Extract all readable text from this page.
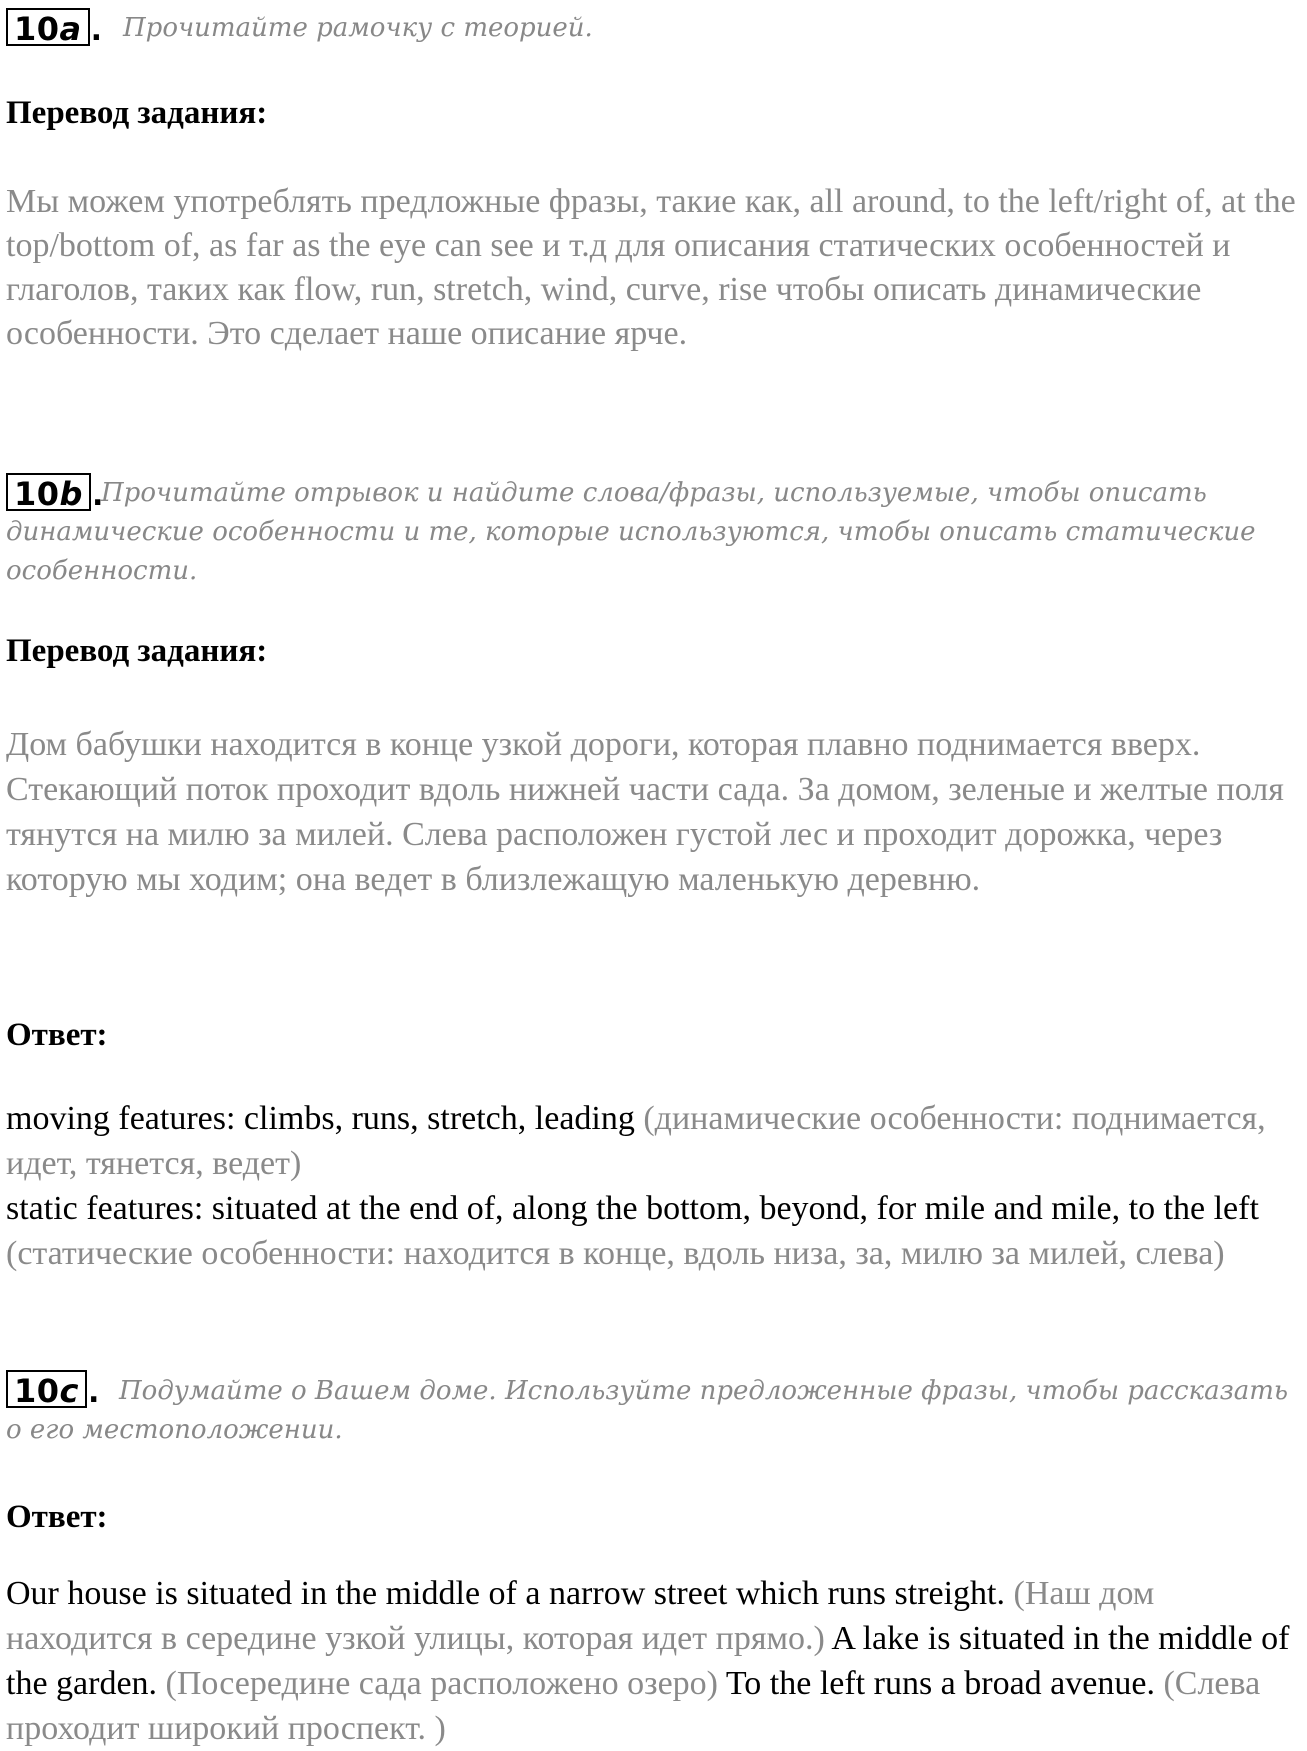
10a . Прочитайте рамочку с теорией.
Перевод задания:
Мы можем употреблять предложные фразы, такие как, all around, to the left/right of, at the top/bottom of, as far as the eye can see и т.д для описания статических особенностей и глаголов, таких как flow, run, stretch, wind, curve, rise чтобы описать динамические особенности. Это сделает наше описание ярче.
10b .
Прочитайте отрывок и найдите слова/фразы, используемые, чтобы описать динамические особенности и те, которые используются, чтобы описать статические особенности.
Перевод задания:
Дом бабушки находится в конце узкой дороги, которая плавно поднимается вверх. Стекающий поток проходит вдоль нижней части сада. За домом, зеленые и желтые поля тянутся на милю за милей. Слева расположен густой лес и проходит дорожка, через которую мы ходим; она ведет в близлежащую маленькую деревню.
Ответ:
moving features: climbs, runs, stretch, leading (динамические особенности: поднимается, идет, тянется, ведет)
static features: situated at the end of, along the bottom, beyond, for mile and mile, to the left (статические особенности: находится в конце, вдоль низа, за, милю за милей, слева)
10c . Подумайте о Вашем доме. Используйте предложенные фразы, чтобы рассказать о его местоположении.
Ответ:
Our house is situated in the middle of a narrow street which runs streight. (Наш дом находится в середине узкой улицы, которая идет прямо.) A lake is situated in the middle of the garden. (Посередине сада расположено озеро) To the left runs a broad avenue. (Слева проходит широкий проспект. )
